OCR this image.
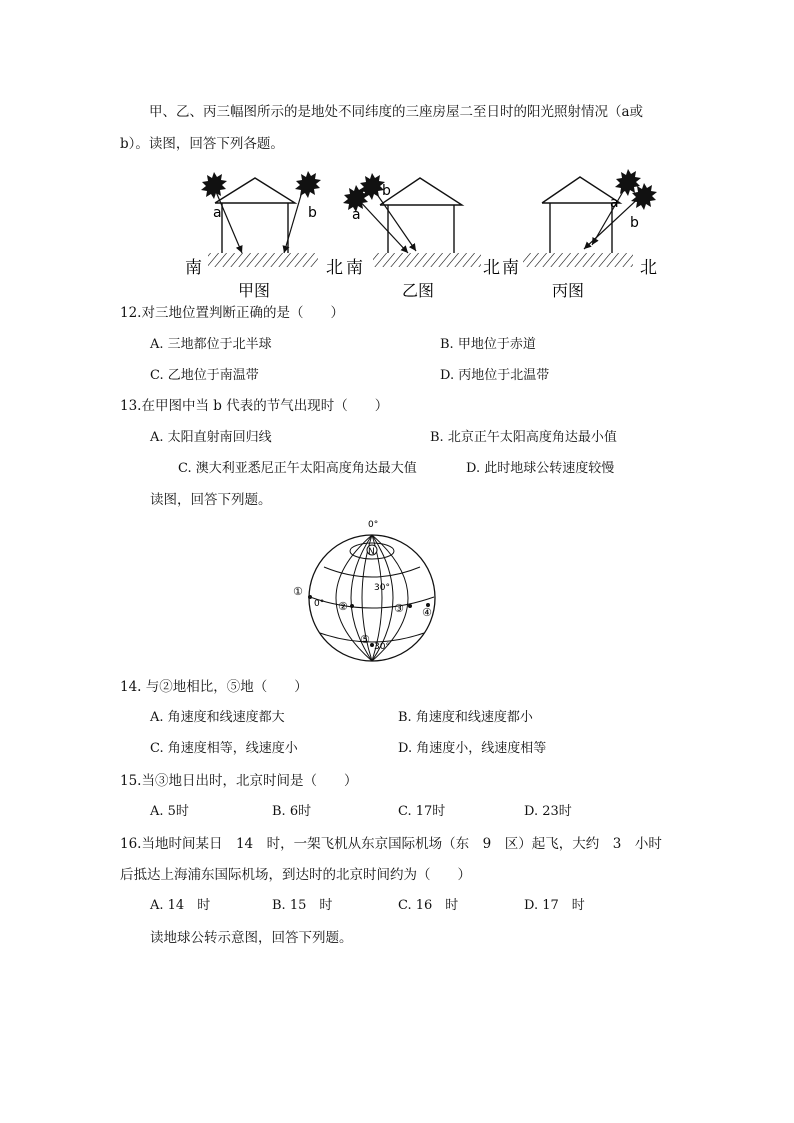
甲、乙、丙三幅图所示的是地处不同纬度的三座房屋二至日时的阳光照射情况（a或
b）。读图，回答下列各题。
a	b	a
b
a
b
南	北 南	北 南	北
甲图	乙图	丙图
12.对三地位置判断正确的是（　　）
A. 三地都位于北半球	B. 甲地位于赤道
C. 乙地位于南温带	D. 丙地位于北温带
13.在甲图中当 b 代表的节气出现时（　　）
A. 太阳直射南回归线	B. 北京正午太阳高度角达最小值
C. 澳大利亚悉尼正午太阳高度角达最大值	D. 此时地球公转速度较慢
读图，回答下列题。
N
0°
30°
0°
30°
①
②	③ ④
⑤
14. 与②地相比，⑤地（　　）
A. 角速度和线速度都大	B. 角速度和线速度都小
C. 角速度相等，线速度小	D. 角速度小，线速度相等
15.当③地日出时，北京时间是（　　）
A. 5时	B. 6时	C. 17时	D. 23时
16.当地时间某日　14　时，一架飞机从东京国际机场（东　9　区）起飞，大约　3　小时
后抵达上海浦东国际机场，到达时的北京时间约为（　　）
A. 14　时	B. 15　时	C. 16　时	D. 17　时
读地球公转示意图，回答下列题。
